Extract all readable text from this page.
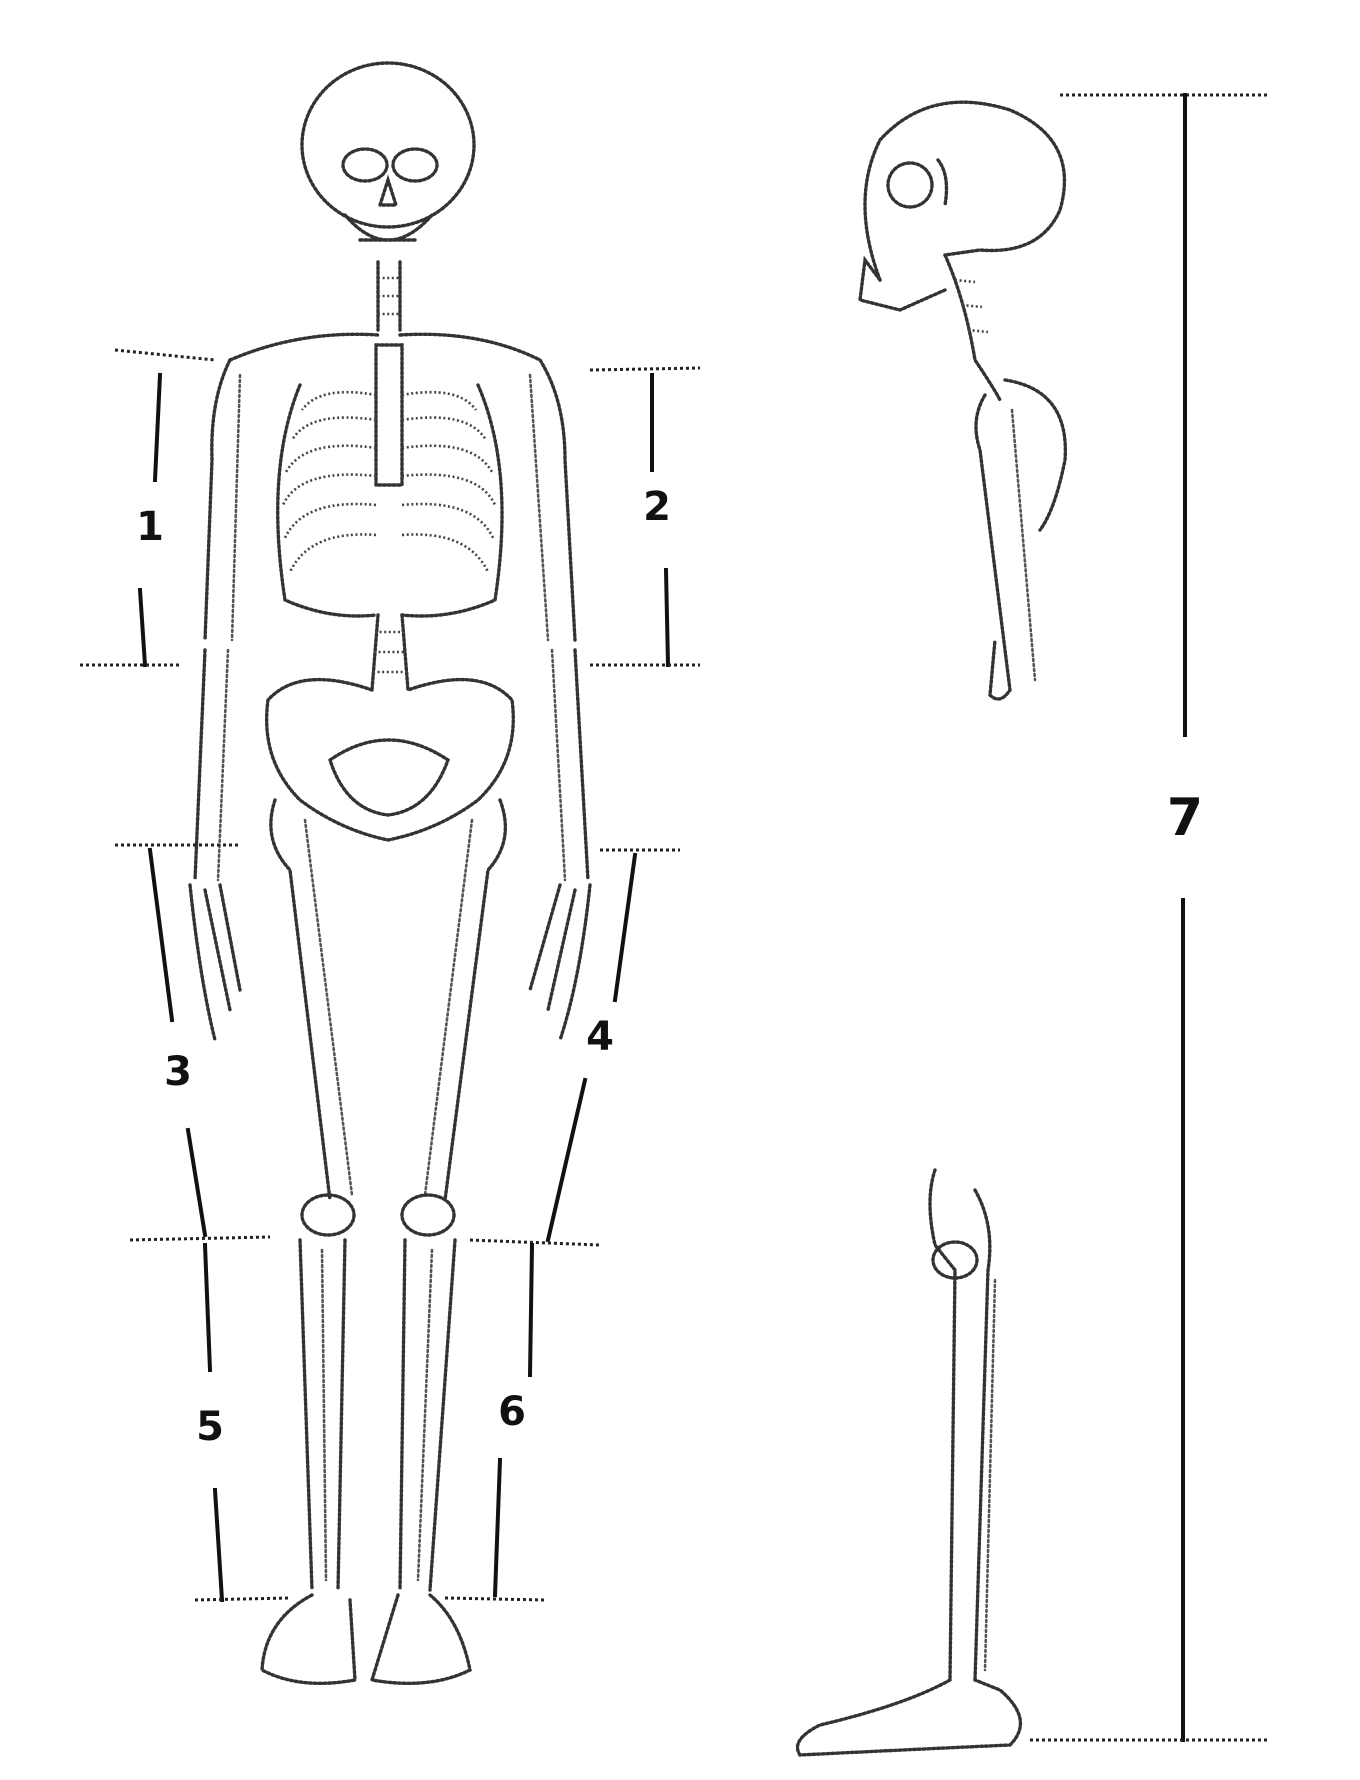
1	2
3
4
5	6
7
